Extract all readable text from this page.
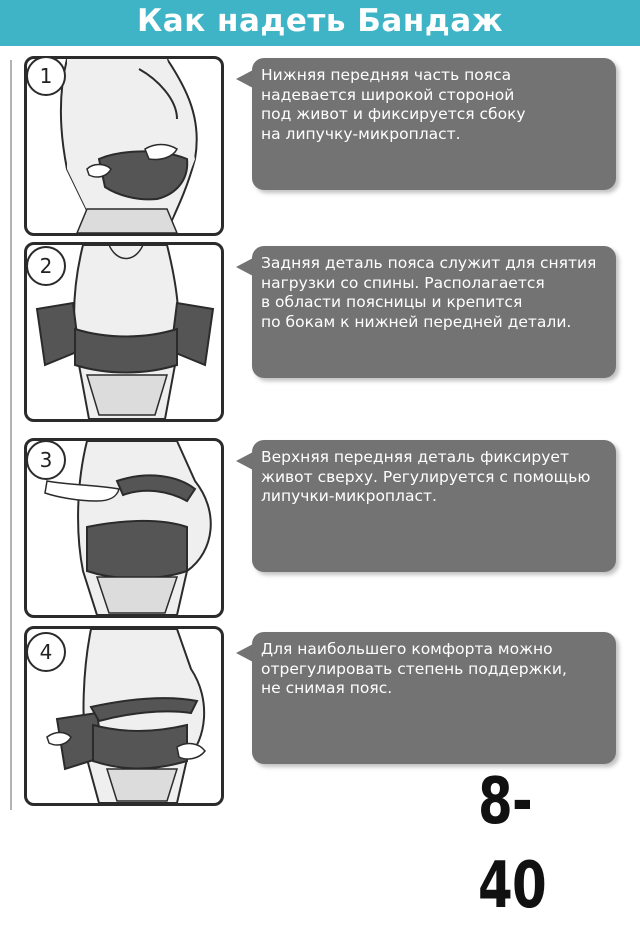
Как надеть Бандаж
1	Нижняя передняя часть пояса
надевается широкой стороной
под живот и фиксируется сбоку
на липучку-микропласт.
2	Задняя деталь пояса служит для снятия
нагрузки со спины. Располагается
в области поясницы и крепится
по бокам к нижней передней детали.
3	Верхняя передняя деталь фиксирует
живот сверху. Регулируется с помощью
липучки-микропласт.
4	Для наибольшего комфорта можно
отрегулировать степень поддержки,
не снимая пояс.
8-40
